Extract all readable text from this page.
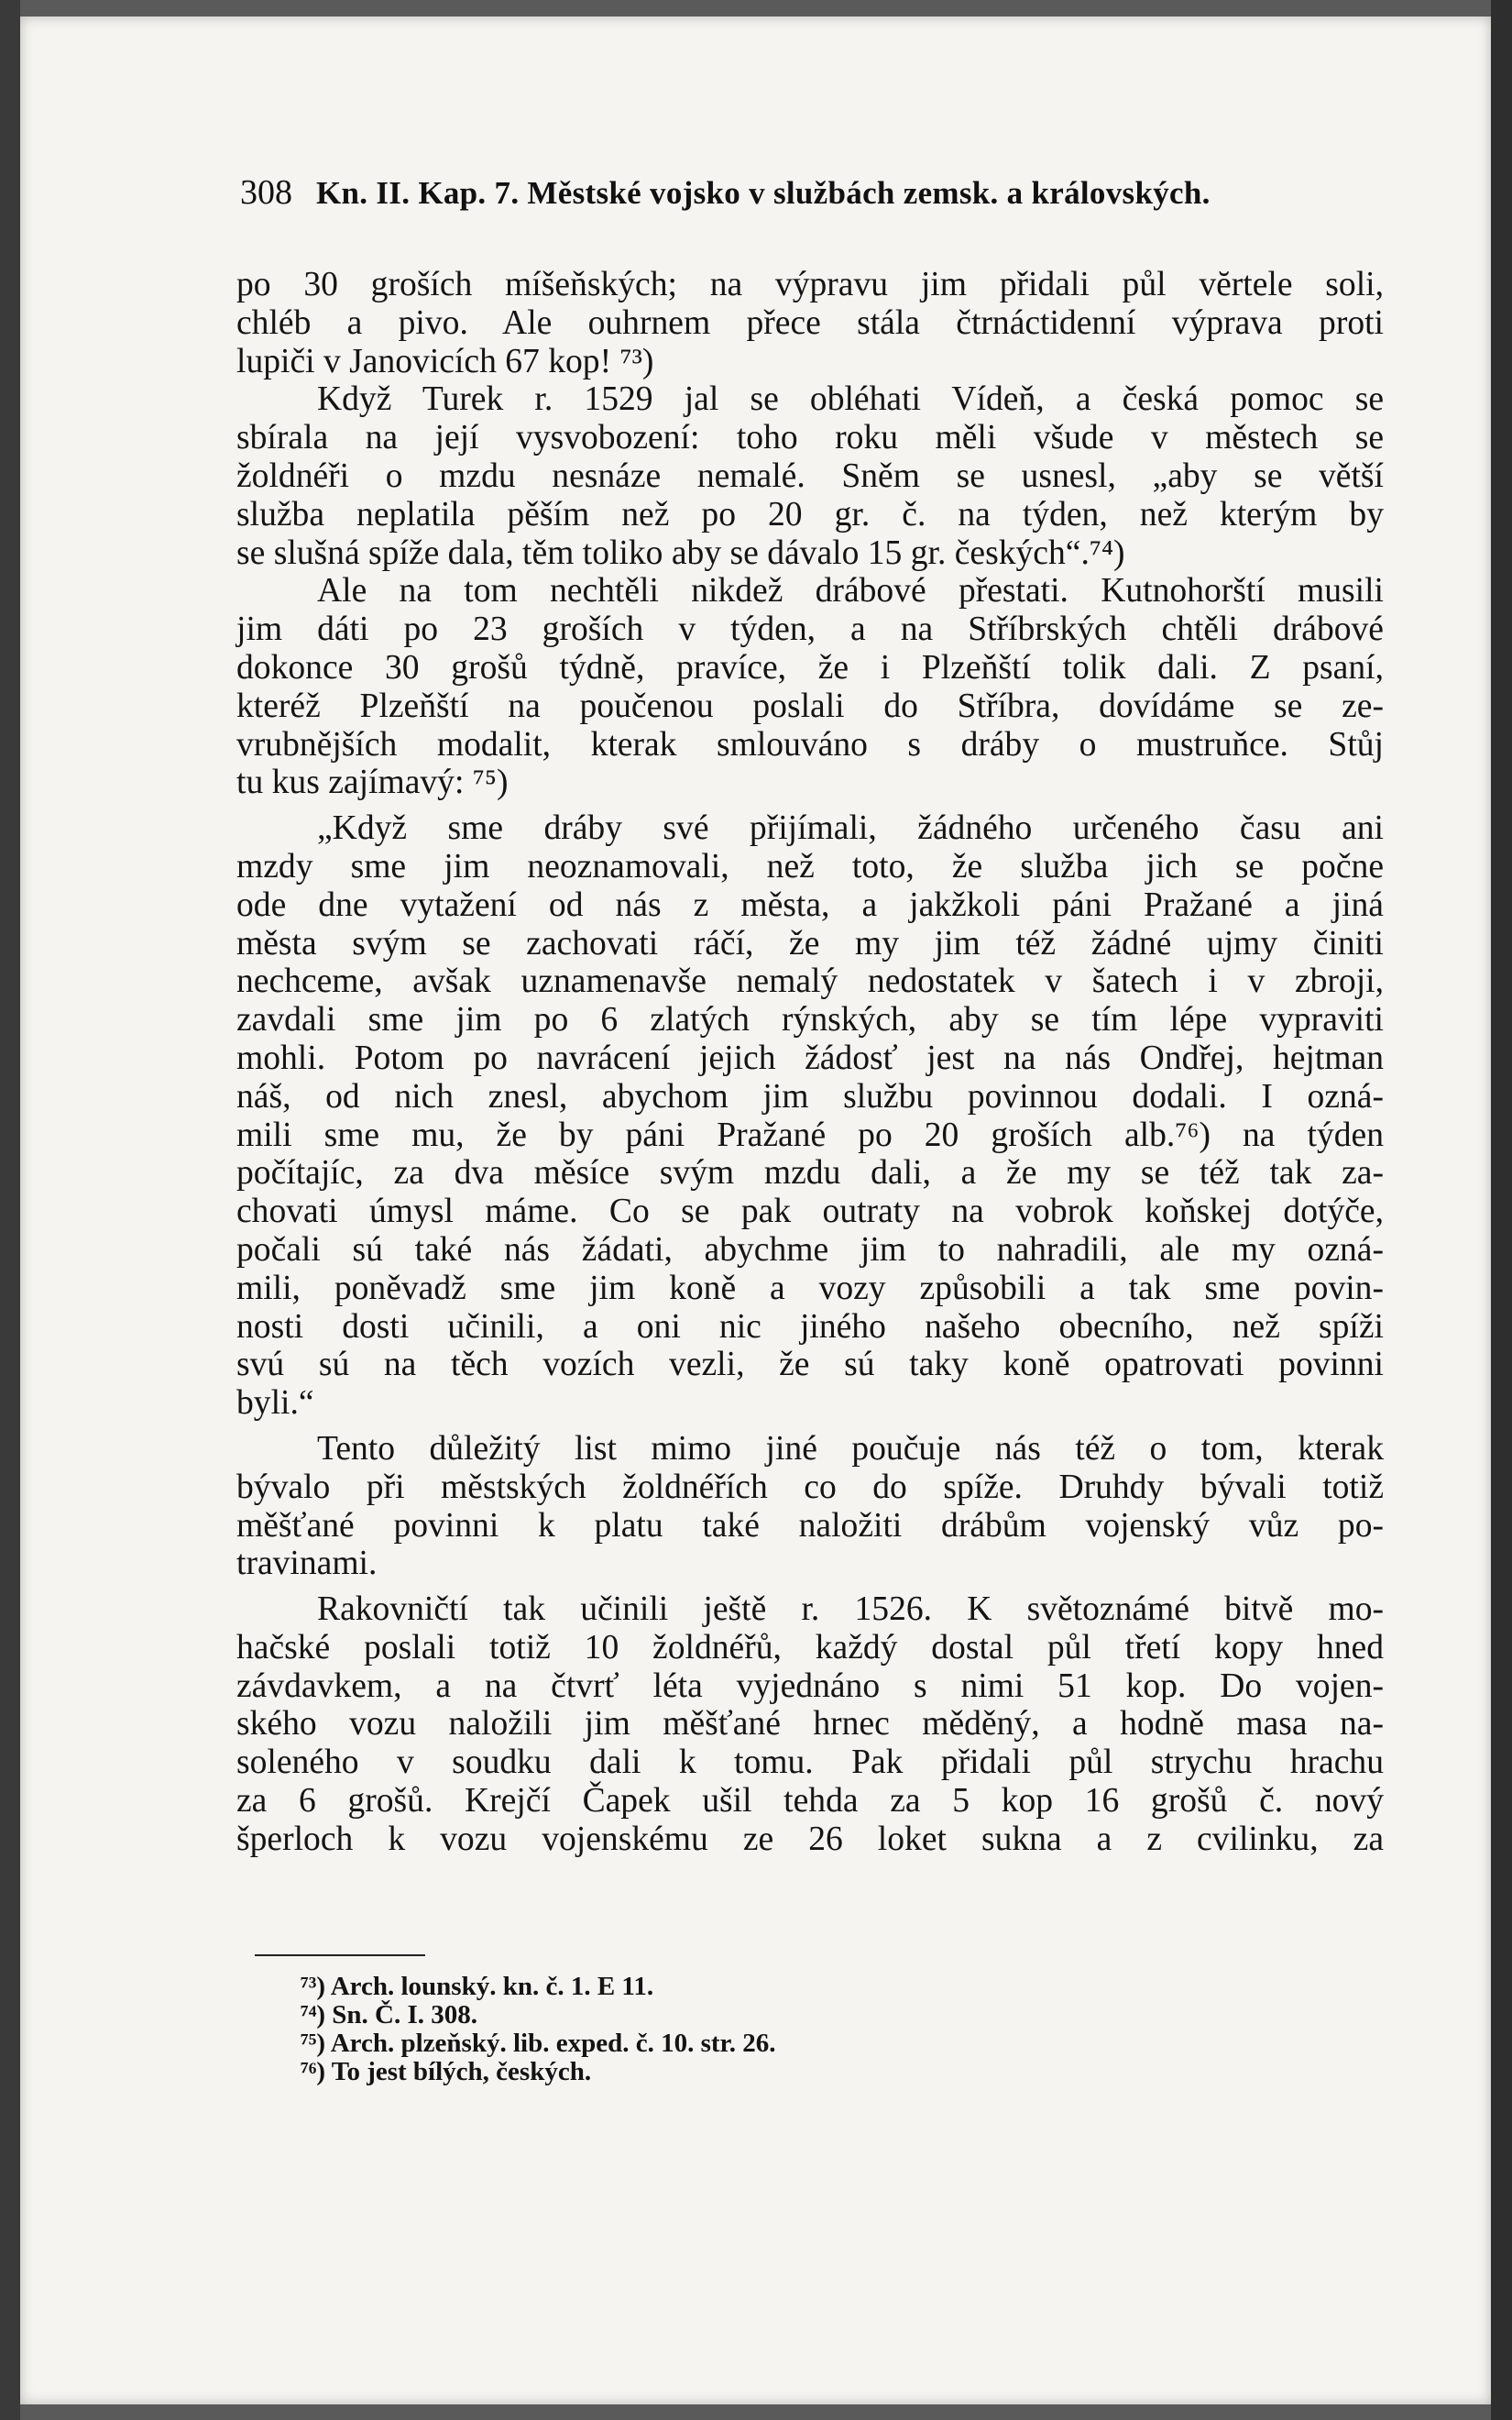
308 Kn. II. Kap. 7. Městské vojsko v službách zemsk. a královských.
po 30 groších míšeňských; na výpravu jim přidali půl vĕrtele soli,
chléb a pivo. Ale ouhrnem přece stála čtrnáctidenní výprava proti
lupiči v Janovicích 67 kop! ⁷³)
Když Turek r. 1529 jal se obléhati Vídeň, a česká pomoc se
sbírala na její vysvobození: toho roku měli všude v městech se
žoldnéři o mzdu nesnáze nemalé. Sněm se usnesl, „aby se větší
služba neplatila pěším než po 20 gr. č. na týden, než kterým by
se slušná spíže dala, těm toliko aby se dávalo 15 gr. českých“.⁷⁴)
Ale na tom nechtěli nikdež drábové přestati. Kutnohorští musili
jim dáti po 23 groších v týden, a na Stříbrských chtěli drábové
dokonce 30 grošů týdně, pravíce, že i Plzeňští tolik dali. Z psaní,
kteréž Plzeňští na poučenou poslali do Stříbra, dovídáme se ze-
vrubnějších modalit, kterak smlouváno s dráby o mustruňce. Stůj
tu kus zajímavý: ⁷⁵)
„Když sme dráby své přijímali, žádného určeného času ani
mzdy sme jim neoznamovali, než toto, že služba jich se počne
ode dne vytažení od nás z města, a jakžkoli páni Pražané a jiná
města svým se zachovati ráčí, že my jim též žádné ujmy činiti
nechceme, avšak uznamenavše nemalý nedostatek v šatech i v zbroji,
zavdali sme jim po 6 zlatých rýnských, aby se tím lépe vypraviti
mohli. Potom po navrácení jejich žádosť jest na nás Ondřej, hejtman
náš, od nich znesl, abychom jim službu povinnou dodali. I ozná-
mili sme mu, že by páni Pražané po 20 groších alb.⁷⁶) na týden
počítajíc, za dva měsíce svým mzdu dali, a že my se též tak za-
chovati úmysl máme. Co se pak outraty na vobrok koňskej dotýče,
počali sú také nás žádati, abychme jim to nahradili, ale my ozná-
mili, poněvadž sme jim koně a vozy způsobili a tak sme povin-
nosti dosti učinili, a oni nic jiného našeho obecního, než spíži
svú sú na těch vozích vezli, že sú taky koně opatrovati povinni
byli.“
Tento důležitý list mimo jiné poučuje nás též o tom, kterak
bývalo při městských žoldnéřích co do spíže. Druhdy bývali totiž
měšťané povinni k platu také naložiti drábům vojenský vůz po-
travinami.
Rakovničtí tak učinili ještě r. 1526. K světoznámé bitvě mo-
hačské poslali totiž 10 žoldnéřů, každý dostal půl třetí kopy hned
závdavkem, a na čtvrť léta vyjednáno s nimi 51 kop. Do vojen-
ského vozu naložili jim měšťané hrnec měděný, a hodně masa na-
soleného v soudku dali k tomu. Pak přidali půl strychu hrachu
za 6 grošů. Krejčí Čapek ušil tehda za 5 kop 16 grošů č. nový
šperloch k vozu vojenskému ze 26 loket sukna a z cvilinku, za
⁷³) Arch. lounský. kn. č. 1. E 11.
⁷⁴) Sn. Č. I. 308.
⁷⁵) Arch. plzeňský. lib. exped. č. 10. str. 26.
⁷⁶) To jest bílých, českých.
